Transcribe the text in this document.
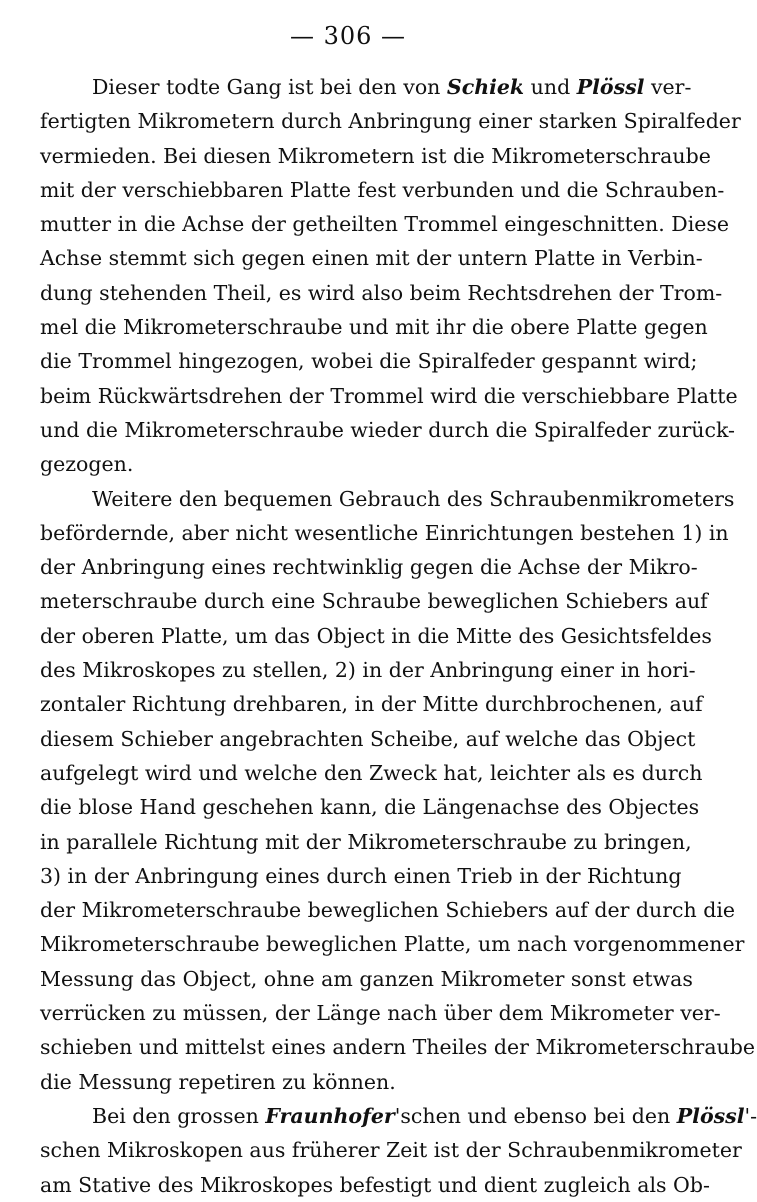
— 306 —
Dieser todte Gang ist bei den von Schiek und Plössl ver-
fertigten Mikrometern durch Anbringung einer starken Spiralfeder
vermieden. Bei diesen Mikrometern ist die Mikrometerschraube
mit der verschiebbaren Platte fest verbunden und die Schrauben-
mutter in die Achse der getheilten Trommel eingeschnitten. Diese
Achse stemmt sich gegen einen mit der untern Platte in Verbin-
dung stehenden Theil, es wird also beim Rechtsdrehen der Trom-
mel die Mikrometerschraube und mit ihr die obere Platte gegen
die Trommel hingezogen, wobei die Spiralfeder gespannt wird;
beim Rückwärtsdrehen der Trommel wird die verschiebbare Platte
und die Mikrometerschraube wieder durch die Spiralfeder zurück-
gezogen.
Weitere den bequemen Gebrauch des Schraubenmikrometers
befördernde, aber nicht wesentliche Einrichtungen bestehen 1) in
der Anbringung eines rechtwinklig gegen die Achse der Mikro-
meterschraube durch eine Schraube beweglichen Schiebers auf
der oberen Platte, um das Object in die Mitte des Gesichtsfeldes
des Mikroskopes zu stellen, 2) in der Anbringung einer in hori-
zontaler Richtung drehbaren, in der Mitte durchbrochenen, auf
diesem Schieber angebrachten Scheibe, auf welche das Object
aufgelegt wird und welche den Zweck hat, leichter als es durch
die blose Hand geschehen kann, die Längenachse des Objectes
in parallele Richtung mit der Mikrometerschraube zu bringen,
3) in der Anbringung eines durch einen Trieb in der Richtung
der Mikrometerschraube beweglichen Schiebers auf der durch die
Mikrometerschraube beweglichen Platte, um nach vorgenommener
Messung das Object, ohne am ganzen Mikrometer sonst etwas
verrücken zu müssen, der Länge nach über dem Mikrometer ver-
schieben und mittelst eines andern Theiles der Mikrometerschraube
die Messung repetiren zu können.
Bei den grossen Fraunhofer'schen und ebenso bei den Plössl'-
schen Mikroskopen aus früherer Zeit ist der Schraubenmikrometer
am Stative des Mikroskopes befestigt und dient zugleich als Ob-
